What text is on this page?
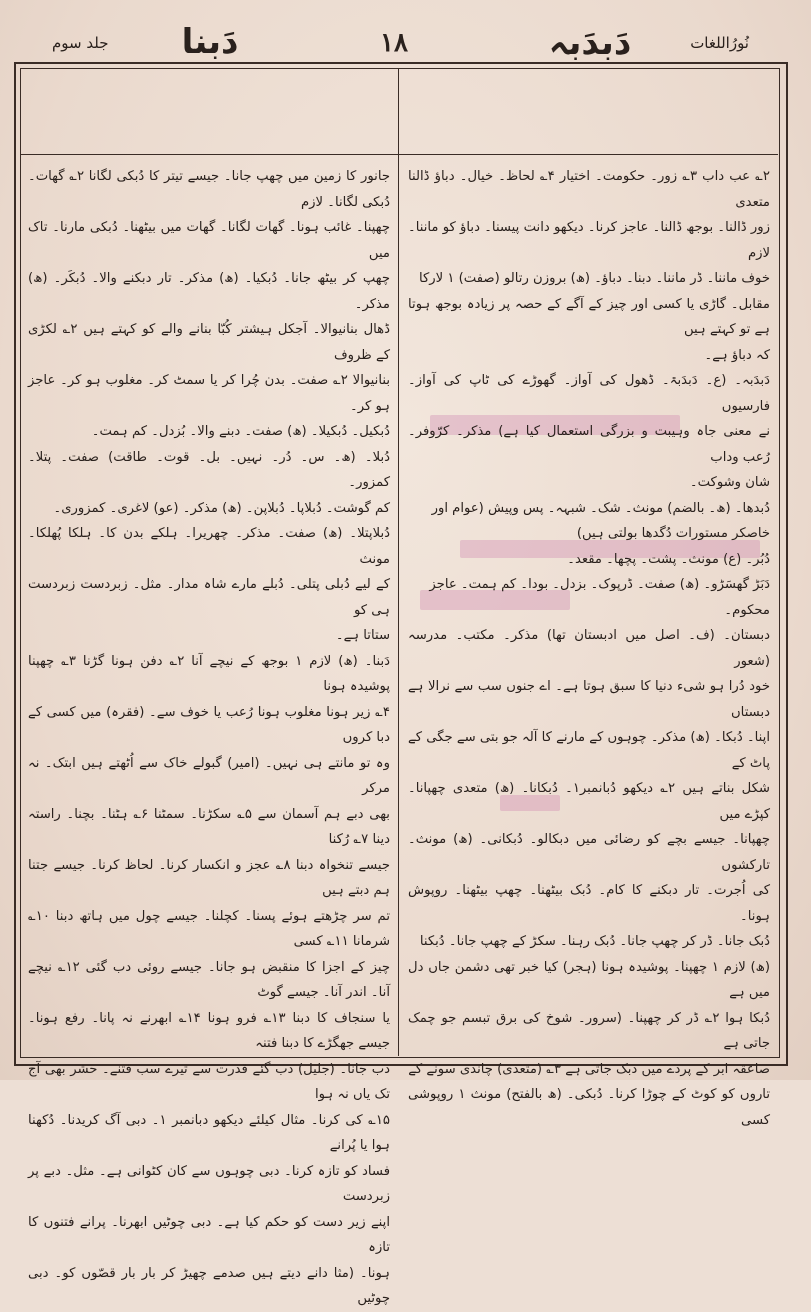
نُورُاللغات
۱۸
جلد سوم	دَبدَبہ
دَبنا

۲؎ عب داب ۳؎ زور۔ حکومت۔ اختیار ۴؎ لحاظ۔ خیال۔ دباؤ ڈالنا متعدی
زور ڈالنا۔ بوجھ ڈالنا۔ عاجز کرنا۔ دیکھو دانت پیسنا۔ دباؤ کو ماننا۔ لازم
خوف ماننا۔ ڈر ماننا۔ دبنا۔ دباؤ۔ (ھ) بروزن رتالو (صفت) ۱ لارکا
مقابل۔ گاڑی یا کسی اور چیز کے آگے کے حصہ پر زیادہ بوجھ ہوتا ہے تو کہتے ہیں
کہ دباؤ ہے۔
دَبدَبہ۔ (ع۔ دَبدَبۃ۔ ڈھول کی آواز۔ گھوڑے کی ٹاپ کی آواز۔ فارسیوں
نے معنی جاہ وہیبت و بزرگی استعمال کیا ہے) مذکر۔ کرّوفر۔ رُعب وداب
شان وشوکت۔
دُبدھا۔ (ھ۔ بالضم) مونث۔ شک۔ شبہہ۔ پس وپیش (عوام اور
خاصکر مستورات دُگدھا بولتی ہیں)
دُبُر۔ (ع) مونث۔ پشت۔ پچھا۔ مقعد۔
دَبَڑ گھسَڑو۔ (ھ) صفت۔ ڈرپوک۔ بزدل۔ بودا۔ کم ہمت۔ عاجز
محکوم۔
دبستان۔ (ف۔ اصل میں ادبستان تھا) مذکر۔ مکتب۔ مدرسہ (شعور
خود دُرا ہو شیء دنیا کا سبق ہوتا ہے۔ اے جنوں سب سے نرالا ہے دبستاں
اپنا۔ دُبکا۔ (ھ) مذکر۔ چوہوں کے مارنے کا آلہ جو بتی سے جگی کے پاٹ کے
شکل بناتے ہیں ۲؎ دیکھو دُبانمبر۱۔ دُبکانا۔ (ھ) متعدی چھپانا۔ کپڑے میں
چھپانا۔ جیسے بچے کو رضائی میں دبکالو۔ دُبکانی۔ (ھ) مونث۔ تارکشوں
کی اُجرت۔ تار دبکنے کا کام۔ دُبک بیٹھنا۔ چھپ بیٹھنا۔ روپوش ہونا۔
دُبک جانا۔ ڈر کر چھپ جانا۔ دُبک رہنا۔ سکڑ کے چھپ جانا۔ دُبکنا
(ھ) لازم ۱ چھپنا۔ پوشیدہ ہونا (ہجر) کیا خبر تھی دشمن جاں دل میں ہے
دُبکا ہوا ۲؎ ڈر کر چھپنا۔ (سرور۔ شوخ کی برق تبسم جو چمک جاتی ہے
صاعقہ ابر کے پردے میں دبک جاتی ہے ۳؎ (متعدی) چاندی سونے کے
تاروں کو کوٹ کے چوڑا کرنا۔ دُبکی۔ (ھ بالفتح) مونث ۱ روپوشی کسی

جانور کا زمین میں چھپ جانا۔ جیسے تیتر کا دُبکی لگانا ۲؎ گھات۔ دُبکی لگانا۔ لازم
چھپنا۔ غائب ہونا۔ گھات لگانا۔ گھات میں بیٹھنا۔ دُبکی مارنا۔ تاک میں
چھپ کر بیٹھ جانا۔ دُبکیا۔ (ھ) مذکر۔ تار دبکنے والا۔ دُبکَر۔ (ھ) مذکر۔
ڈھال بنانیوالا۔ آجکل ہیشتر کُبّا بنانے والے کو کہتے ہیں ۲؎ لکڑی کے ظروف
بنانیوالا ۲؎ صفت۔ بدن چُرا کر یا سمٹ کر۔ مغلوب ہو کر۔ عاجز ہو کر۔
دُبکیل۔ دُبکیلا۔ (ھ) صفت۔ دبنے والا۔ بُزدل۔ کم ہمت۔
دُبلا۔ (ھ۔ س۔ دُر۔ نہیں۔ بل۔ قوت۔ طاقت) صفت۔ پتلا۔ کمزور۔
کم گوشت۔ دُبلاپا۔ دُبلاپن۔ (ھ) مذکر۔ (عو) لاغری۔ کمزوری۔
دُبلاپتلا۔ (ھ) صفت۔ مذکر۔ چھریرا۔ ہلکے بدن کا۔ ہلکا پُھلکا۔ مونث
کے لیے دُبلی پتلی۔ دُبلے مارے شاہ مدار۔ مثل۔ زبردست زبردست ہی کو
ستاتا ہے۔
دَبنا۔ (ھ) لازم ۱ بوجھ کے نیچے آنا ۲؎ دفن ہونا گڑنا ۳؎ چھپنا پوشیدہ ہونا
۴؎ زیر ہونا مغلوب ہونا رُعب یا خوف سے۔ (فقرہ) میں کسی کے دبا کروں
وہ تو مانتے ہی نہیں۔ (امیر) گبولے خاک سے اُٹھتے ہیں ابتک۔ نہ مرکر
بھی دبے ہم آسمان سے ۵؎ سکڑنا۔ سمٹنا ۶؎ ہٹنا۔ بچنا۔ راستہ دینا ۷؎ رُکنا
جیسے تنخواہ دبنا ۸؎ عجز و انکسار کرنا۔ لحاظ کرنا۔ جیسے جتنا ہم دبتے ہیں
تم سر چڑھتے ہوئے پسنا۔ کچلنا۔ جیسے چول میں ہاتھ دبنا ۱۰؎ شرمانا ۱۱؎ کسی
چیز کے اجزا کا منقبض ہو جانا۔ جیسے روئی دب گئی ۱۲؎ نیچے آنا۔ اندر آنا۔ جیسے گوٹ
یا سنجاف کا دبنا ۱۳؎ فرو ہونا ۱۴؎ ابھرنے نہ پانا۔ رفع ہونا۔ جیسے جھگڑے کا دبنا فتنہ
دب جانا۔ (جلیل) دب گئے قدرت سے تیرے سب فتنے۔ حشر بھی آج تک یاں نہ ہوا
۱۵؎ کی کرنا۔ مثال کیلئے دیکھو دبانمبر ۱۔ دبی آگ کریدنا۔ دُکھنا ہوا یا پُرانے
فساد کو تازہ کرنا۔ دبی چوہوں سے کان کٹوانی ہے۔ مثل۔ دبے پر زبردست
اپنے زیر دست کو حکم کیا ہے۔ دبی چوٹیں ابھرنا۔ پرانے فتنوں کا تازہ
ہونا۔ (مثا دانے دیتے ہیں صدمے چھیڑ کر بار بار قصّوں کو۔ دبی چوٹیں
